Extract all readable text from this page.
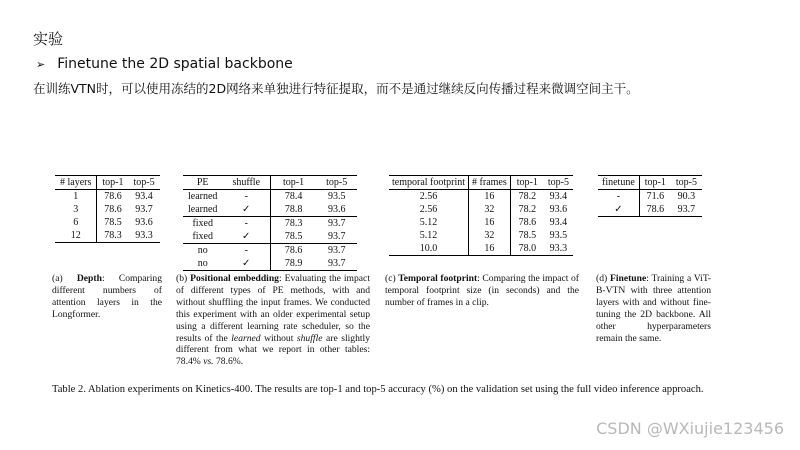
实验
➢ Finetune the 2D spatial backbone
在训练VTN时，可以使用冻结的2D网络来单独进行特征提取，而不是通过继续反向传播过程来微调空间主干。
# layers	top-1	top-5
1	78.6	93.4
3	78.6	93.7
6	78.5	93.6
12	78.3	93.3
PE	shuffle	top-1	top-5
learned	-	78.4	93.5
learned	✓	78.8	93.6
fixed	-	78.3	93.7
fixed	✓	78.5	93.7
no	-	78.6	93.7
no	✓	78.9	93.7
temporal footprint	# frames	top-1	top-5
2.56	16	78.2	93.4
2.56	32	78.2	93.6
5.12	16	78.6	93.4
5.12	32	78.5	93.5
10.0	16	78.0	93.3
finetune	top-1	top-5
-	71.6	90.3
✓	78.6	93.7
(a) Depth: Comparing different numbers of attention layers in the Longformer.
(b) Positional embedding: Evaluating the impact of different types of PE methods, with and without shuffling the input frames. We conducted this experiment with an older experimental setup using a different learning rate scheduler, so the results of the learned without shuffle are slightly different from what we report in other tables: 78.4% vs. 78.6%.
(c) Temporal footprint: Comparing the impact of temporal footprint size (in seconds) and the number of frames in a clip.
(d) Finetune: Training a ViT-B-VTN with three attention layers with and without fine-tuning the 2D backbone. All other hyperparameters remain the same.
Table 2. Ablation experiments on Kinetics-400. The results are top-1 and top-5 accuracy (%) on the validation set using the full video inference approach.
CSDN @WXiujie123456
